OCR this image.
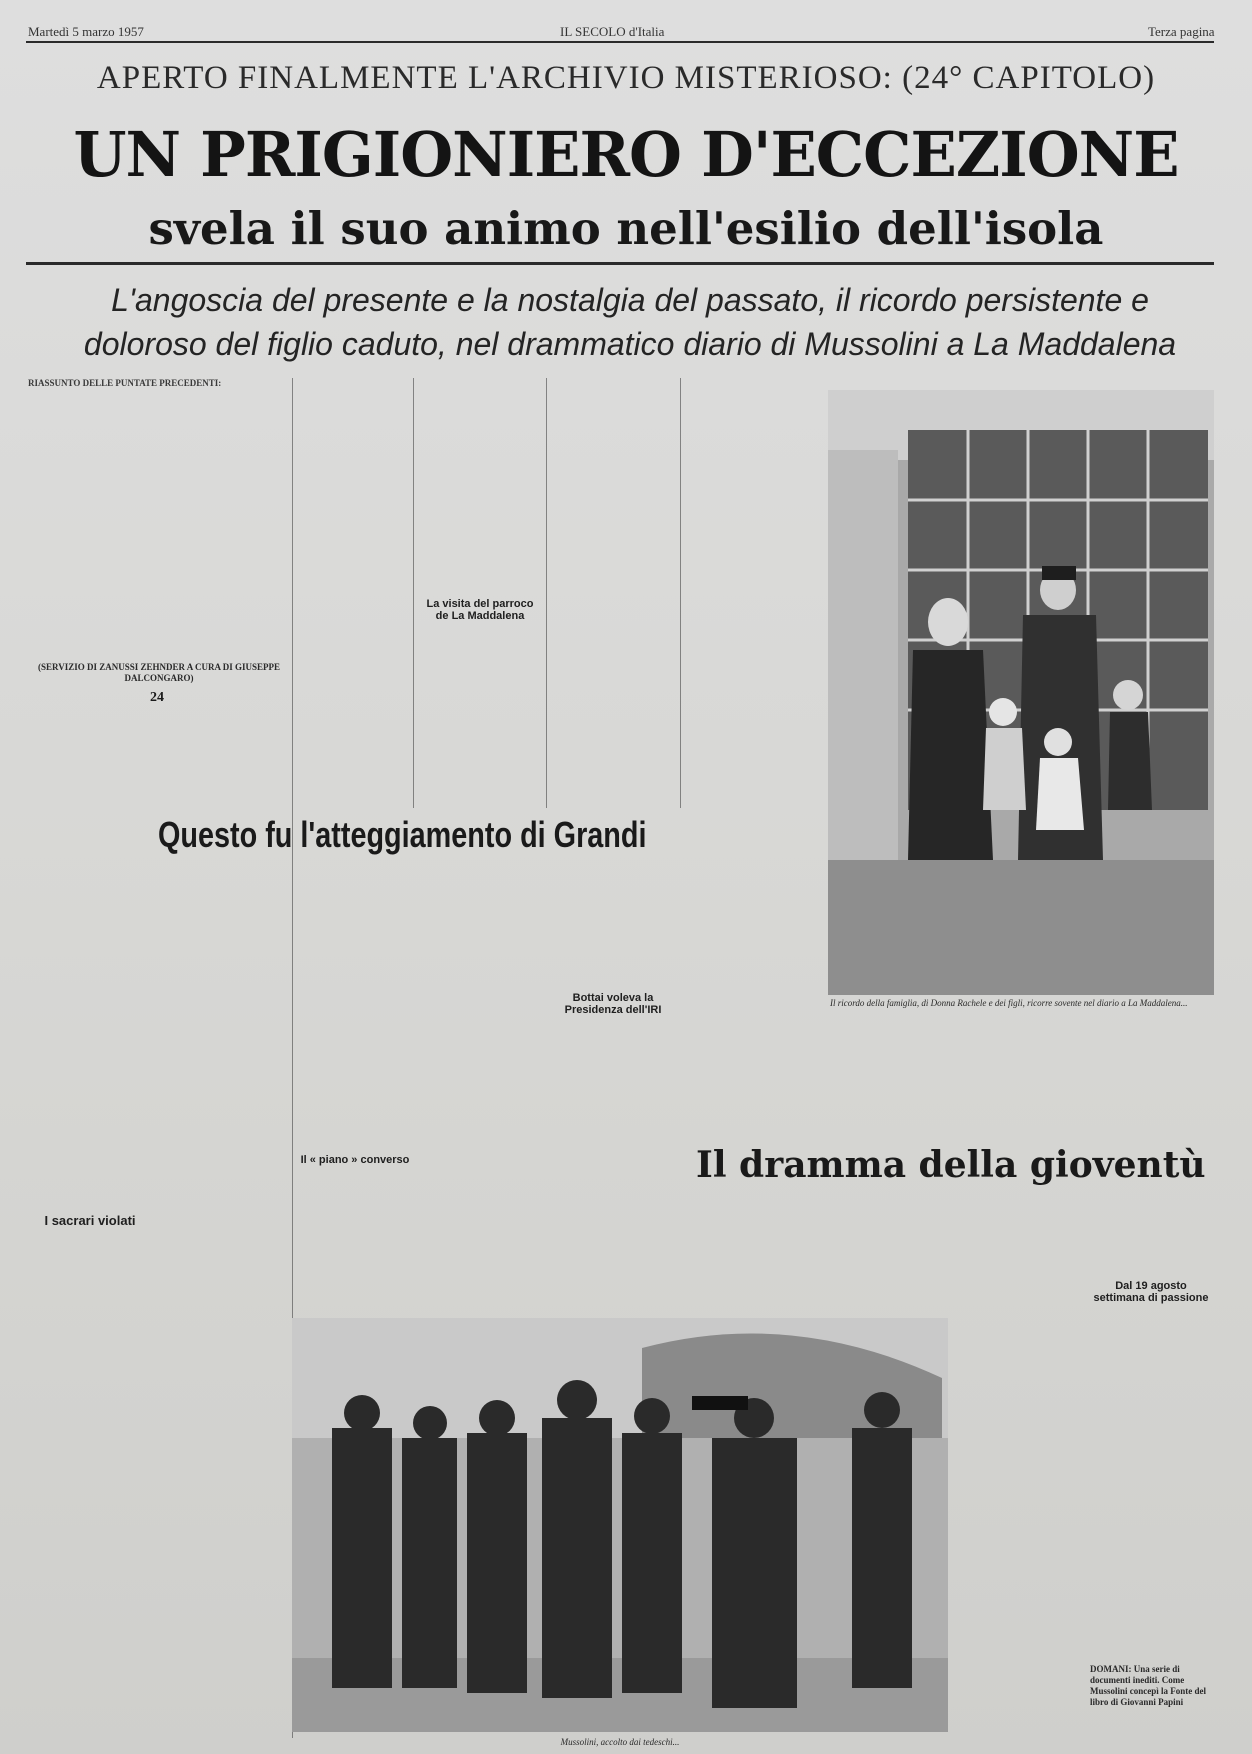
Martedì 5 marzo 1957	IL SECOLO d'Italia	Terza pagina
APERTO FINALMENTE L'ARCHIVIO MISTERIOSO: (24° CAPITOLO)
UN PRIGIONIERO D'ECCEZIONE
svela il suo animo nell'esilio dell'isola
L'angoscia del presente e la nostalgia del passato, il ricordo persistente e
doloroso del figlio caduto, nel drammatico diario di Mussolini a La Maddalena

RIASSUNTO DELLE PUNTATE PRECEDENTI:

(SERVIZIO DI ZANUSSI ZEHNDER A CURA DI GIUSEPPE DALCONGARO)
24
I sacrari violati
La visita del parroco de La Maddalena
Questo fu l'atteggiamento di Grandi
Bottai voleva la Presidenza dell'IRI
Il « piano » converso
Il ricordo della famiglia, di Donna Rachele e dei figli, ricorre sovente nel diario a La Maddalena...
Il dramma della gioventù
Dal 19 agosto settimana di passione
DOMANI: Una serie di documenti inediti. Come Mussolini concepì la Fonte del libro di Giovanni Papini
Mussolini, accolto dai tedeschi...
